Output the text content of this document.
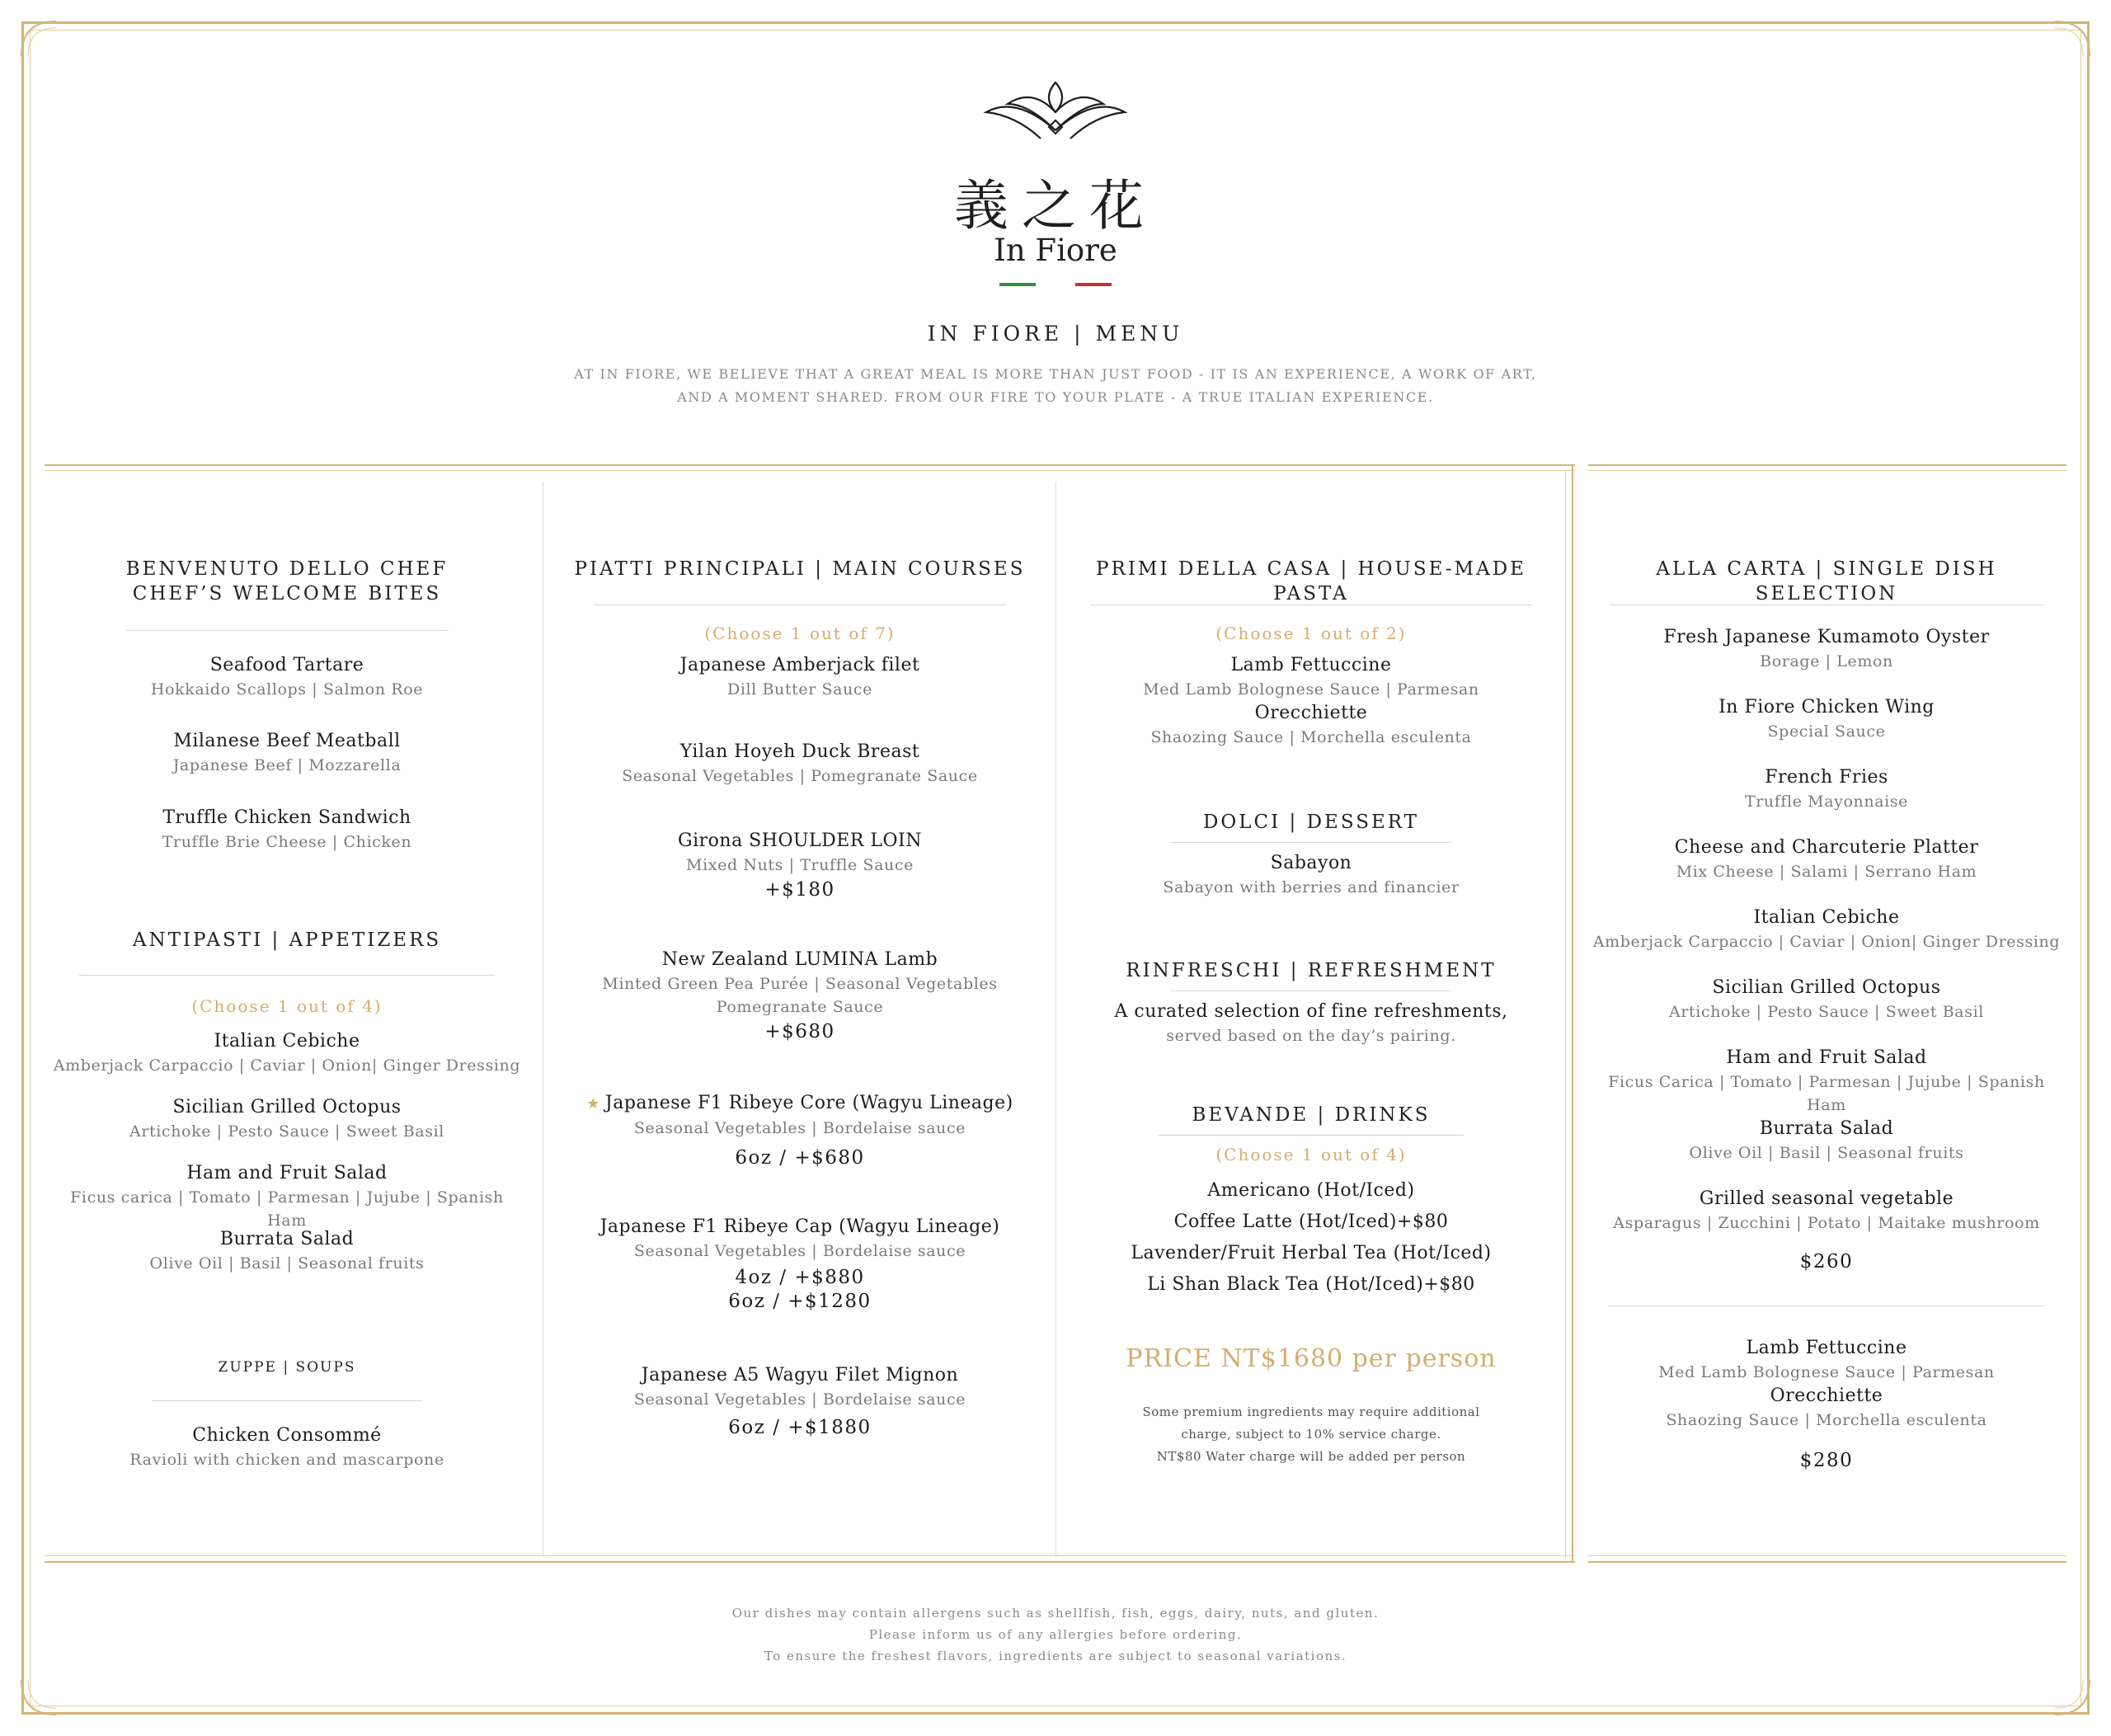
義之花
In Fiore
IN FIORE | MENU
AT IN FIORE, WE BELIEVE THAT A GREAT MEAL IS MORE THAN JUST FOOD - IT IS AN EXPERIENCE, A WORK OF ART,
AND A MOMENT SHARED. FROM OUR FIRE TO YOUR PLATE - A TRUE ITALIAN EXPERIENCE.
BENVENUTO DELLO CHEF
CHEF’S WELCOME BITES
Seafood Tartare
Hokkaido Scallops | Salmon Roe
Milanese Beef Meatball
Japanese Beef | Mozzarella
Truffle Chicken Sandwich
Truffle Brie Cheese | Chicken
ANTIPASTI | APPETIZERS
(Choose 1 out of 4)
Italian Cebiche
Amberjack Carpaccio | Caviar | Onion| Ginger Dressing
Sicilian Grilled Octopus
Artichoke | Pesto Sauce | Sweet Basil
Ham and Fruit Salad
Ficus carica | Tomato | Parmesan | Jujube | Spanish Ham
Burrata Salad
Olive Oil | Basil | Seasonal fruits
ZUPPE | SOUPS
Chicken Consommé
Ravioli with chicken and mascarpone
PIATTI PRINCIPALI | MAIN COURSES
(Choose 1 out of 7)
Japanese Amberjack filet
Dill Butter Sauce
Yilan Hoyeh Duck Breast
Seasonal Vegetables | Pomegranate Sauce
Girona SHOULDER LOIN
Mixed Nuts | Truffle Sauce
+$180
New Zealand LUMINA Lamb
Minted Green Pea Purée | Seasonal Vegetables
Pomegranate Sauce
+$680
★ Japanese F1 Ribeye Core (Wagyu Lineage)
Seasonal Vegetables | Bordelaise sauce
6oz / +$680
Japanese F1 Ribeye Cap (Wagyu Lineage)
Seasonal Vegetables | Bordelaise sauce
4oz / +$880
6oz / +$1280
Japanese A5 Wagyu Filet Mignon
Seasonal Vegetables | Bordelaise sauce
6oz / +$1880
PRIMI DELLA CASA | HOUSE-MADE PASTA
(Choose 1 out of 2)
Lamb Fettuccine
Med Lamb Bolognese Sauce | Parmesan
Orecchiette
Shaozing Sauce | Morchella esculenta
DOLCI | DESSERT
Sabayon
Sabayon with berries and financier
RINFRESCHI | REFRESHMENT
A curated selection of fine refreshments,
served based on the day’s pairing.
BEVANDE | DRINKS
(Choose 1 out of 4)
Americano (Hot/Iced)
Coffee Latte (Hot/Iced)+$80
Lavender/Fruit Herbal Tea (Hot/Iced)
Li Shan Black Tea (Hot/Iced)+$80
PRICE NT$1680 per person
Some premium ingredients may require additional
charge, subject to 10% service charge.
NT$80 Water charge will be added per person
ALLA CARTA | SINGLE DISH SELECTION
Fresh Japanese Kumamoto Oyster
Borage | Lemon
In Fiore Chicken Wing
Special Sauce
French Fries
Truffle Mayonnaise
Cheese and Charcuterie Platter
Mix Cheese | Salami | Serrano Ham
Italian Cebiche
Amberjack Carpaccio | Caviar | Onion| Ginger Dressing
Sicilian Grilled Octopus
Artichoke | Pesto Sauce | Sweet Basil
Ham and Fruit Salad
Ficus Carica | Tomato | Parmesan | Jujube | Spanish Ham
Burrata Salad
Olive Oil | Basil | Seasonal fruits
Grilled seasonal vegetable
Asparagus | Zucchini | Potato | Maitake mushroom
$260
Lamb Fettuccine
Med Lamb Bolognese Sauce | Parmesan
Orecchiette
Shaozing Sauce | Morchella esculenta
$280
Our dishes may contain allergens such as shellfish, fish, eggs, dairy, nuts, and gluten.
Please inform us of any allergies before ordering.
To ensure the freshest flavors, ingredients are subject to seasonal variations.
